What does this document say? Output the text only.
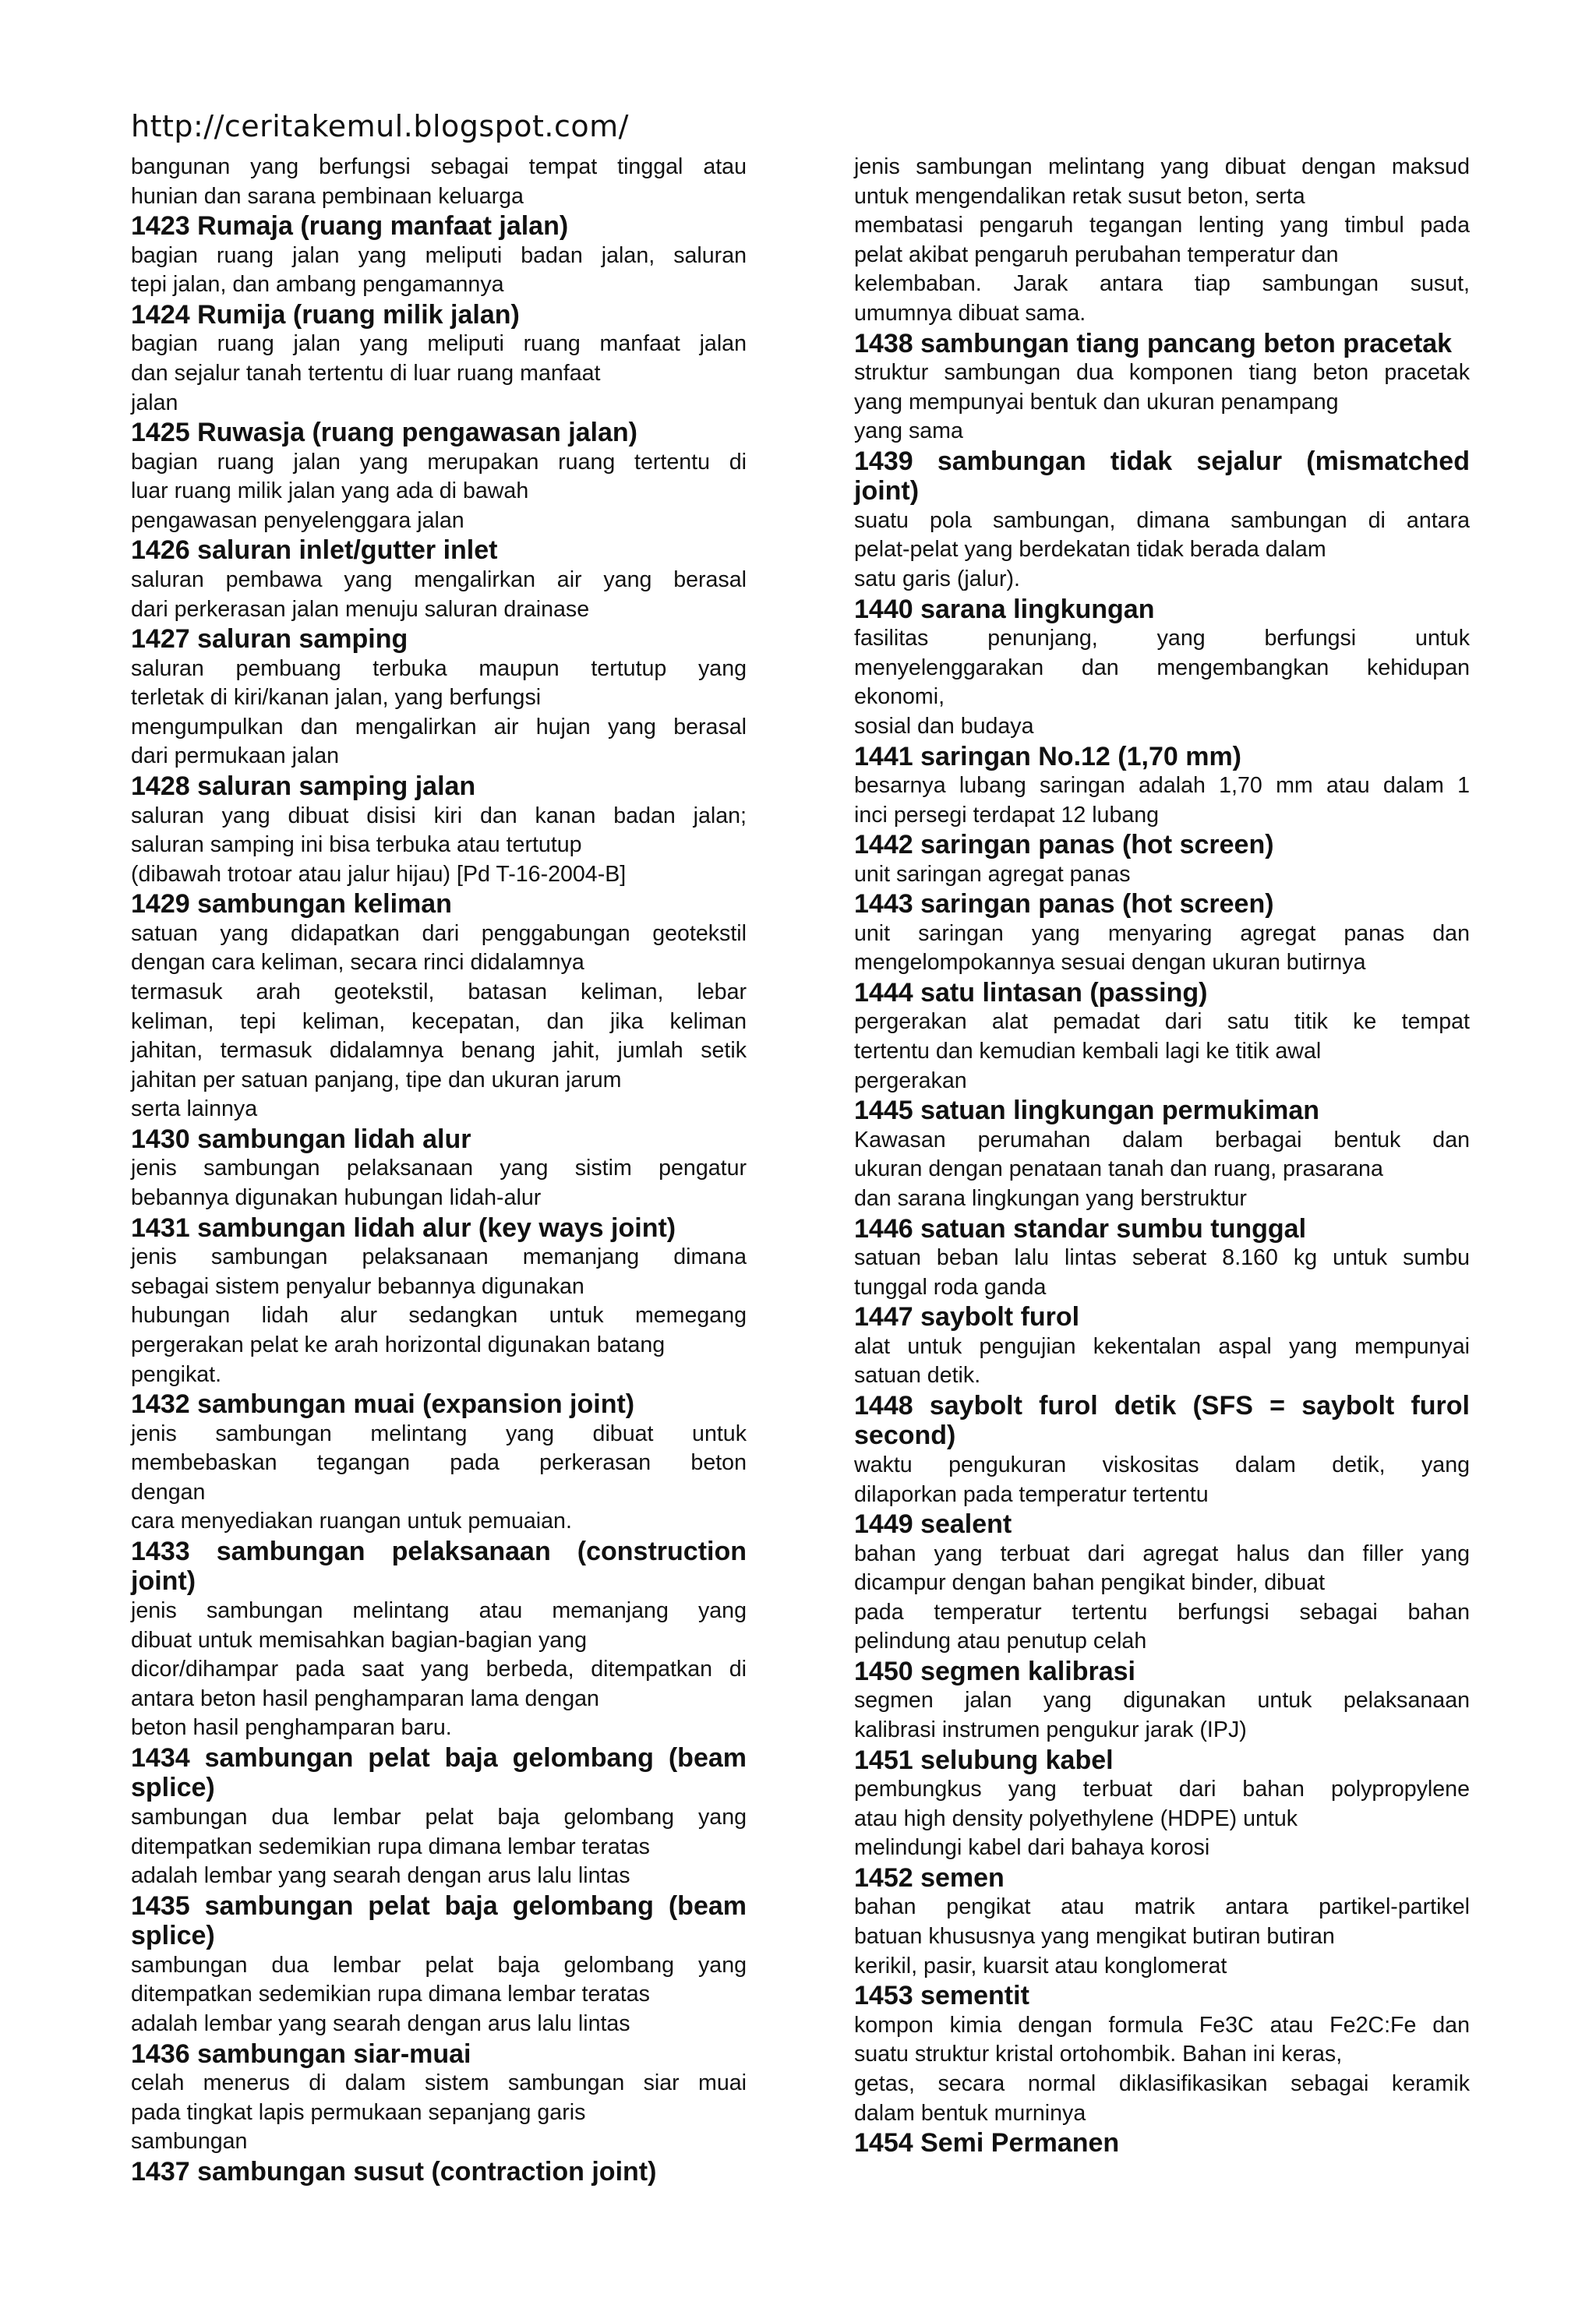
http://ceritakemul.blogspot.com/
bangunan yang berfungsi sebagai tempat tinggal atau
hunian dan sarana pembinaan keluarga
1423 Rumaja (ruang manfaat jalan)
bagian ruang jalan yang meliputi badan jalan, saluran
tepi jalan, dan ambang pengamannya
1424 Rumija (ruang milik jalan)
bagian ruang jalan yang meliputi ruang manfaat jalan
dan sejalur tanah tertentu di luar ruang manfaat
jalan
1425 Ruwasja (ruang pengawasan jalan)
bagian ruang jalan yang merupakan ruang tertentu di
luar ruang milik jalan yang ada di bawah
pengawasan penyelenggara jalan
1426 saluran inlet/gutter inlet
saluran pembawa yang mengalirkan air yang berasal
dari perkerasan jalan menuju saluran drainase
1427 saluran samping
saluran pembuang terbuka maupun tertutup yang
terletak di kiri/kanan jalan, yang berfungsi
mengumpulkan dan mengalirkan air hujan yang berasal
dari permukaan jalan
1428 saluran samping jalan
saluran yang dibuat disisi kiri dan kanan badan jalan;
saluran samping ini bisa terbuka atau tertutup
(dibawah trotoar atau jalur hijau) [Pd T-16-2004-B]
1429 sambungan keliman
satuan yang didapatkan dari penggabungan geotekstil
dengan cara keliman, secara rinci didalamnya
termasuk arah geotekstil, batasan keliman, lebar
keliman, tepi keliman, kecepatan, dan jika keliman
jahitan, termasuk didalamnya benang jahit, jumlah setik
jahitan per satuan panjang, tipe dan ukuran jarum
serta lainnya
1430 sambungan lidah alur
jenis sambungan pelaksanaan yang sistim pengatur
bebannya digunakan hubungan lidah-alur
1431 sambungan lidah alur (key ways joint)
jenis sambungan pelaksanaan memanjang dimana
sebagai sistem penyalur bebannya digunakan
hubungan lidah alur sedangkan untuk memegang
pergerakan pelat ke arah horizontal digunakan batang
pengikat.
1432 sambungan muai (expansion joint)
jenis sambungan melintang yang dibuat untuk
membebaskan tegangan pada perkerasan beton
dengan
cara menyediakan ruangan untuk pemuaian.
1433 sambungan pelaksanaan (construction joint)
jenis sambungan melintang atau memanjang yang
dibuat untuk memisahkan bagian-bagian yang
dicor/dihampar pada saat yang berbeda, ditempatkan di
antara beton hasil penghamparan lama dengan
beton hasil penghamparan baru.
1434 sambungan pelat baja gelombang (beam splice)
sambungan dua lembar pelat baja gelombang yang
ditempatkan sedemikian rupa dimana lembar teratas
adalah lembar yang searah dengan arus lalu lintas
1435 sambungan pelat baja gelombang (beam splice)
sambungan dua lembar pelat baja gelombang yang
ditempatkan sedemikian rupa dimana lembar teratas
adalah lembar yang searah dengan arus lalu lintas
1436 sambungan siar-muai
celah menerus di dalam sistem sambungan siar muai
pada tingkat lapis permukaan sepanjang garis
sambungan
1437 sambungan susut (contraction joint)
jenis sambungan melintang yang dibuat dengan maksud
untuk mengendalikan retak susut beton, serta
membatasi pengaruh tegangan lenting yang timbul pada
pelat akibat pengaruh perubahan temperatur dan
kelembaban. Jarak antara tiap sambungan susut,
umumnya dibuat sama.
1438 sambungan tiang pancang beton pracetak
struktur sambungan dua komponen tiang beton pracetak
yang mempunyai bentuk dan ukuran penampang
yang sama
1439 sambungan tidak sejalur (mismatched joint)
suatu pola sambungan, dimana sambungan di antara
pelat-pelat yang berdekatan tidak berada dalam
satu garis (jalur).
1440 sarana lingkungan
fasilitas penunjang, yang berfungsi untuk
menyelenggarakan dan mengembangkan kehidupan
ekonomi,
sosial dan budaya
1441 saringan No.12 (1,70 mm)
besarnya lubang saringan adalah 1,70 mm atau dalam 1
inci persegi terdapat 12 lubang
1442 saringan panas (hot screen)
unit saringan agregat panas
1443 saringan panas (hot screen)
unit saringan yang menyaring agregat panas dan
mengelompokannya sesuai dengan ukuran butirnya
1444 satu lintasan (passing)
pergerakan alat pemadat dari satu titik ke tempat
tertentu dan kemudian kembali lagi ke titik awal
pergerakan
1445 satuan lingkungan permukiman
Kawasan perumahan dalam berbagai bentuk dan
ukuran dengan penataan tanah dan ruang, prasarana
dan sarana lingkungan yang berstruktur
1446 satuan standar sumbu tunggal
satuan beban lalu lintas seberat 8.160 kg untuk sumbu
tunggal roda ganda
1447 saybolt furol
alat untuk pengujian kekentalan aspal yang mempunyai
satuan detik.
1448 saybolt furol detik (SFS = saybolt furol second)
waktu pengukuran viskositas dalam detik, yang
dilaporkan pada temperatur tertentu
1449 sealent
bahan yang terbuat dari agregat halus dan filler yang
dicampur dengan bahan pengikat binder, dibuat
pada temperatur tertentu berfungsi sebagai bahan
pelindung atau penutup celah
1450 segmen kalibrasi
segmen jalan yang digunakan untuk pelaksanaan
kalibrasi instrumen pengukur jarak (IPJ)
1451 selubung kabel
pembungkus yang terbuat dari bahan polypropylene
atau high density polyethylene (HDPE) untuk
melindungi kabel dari bahaya korosi
1452 semen
bahan pengikat atau matrik antara partikel-partikel
batuan khususnya yang mengikat butiran butiran
kerikil, pasir, kuarsit atau konglomerat
1453 sementit
kompon kimia dengan formula Fe3C atau Fe2C:Fe dan
suatu struktur kristal ortohombik. Bahan ini keras,
getas, secara normal diklasifikasikan sebagai keramik
dalam bentuk murninya
1454 Semi Permanen
